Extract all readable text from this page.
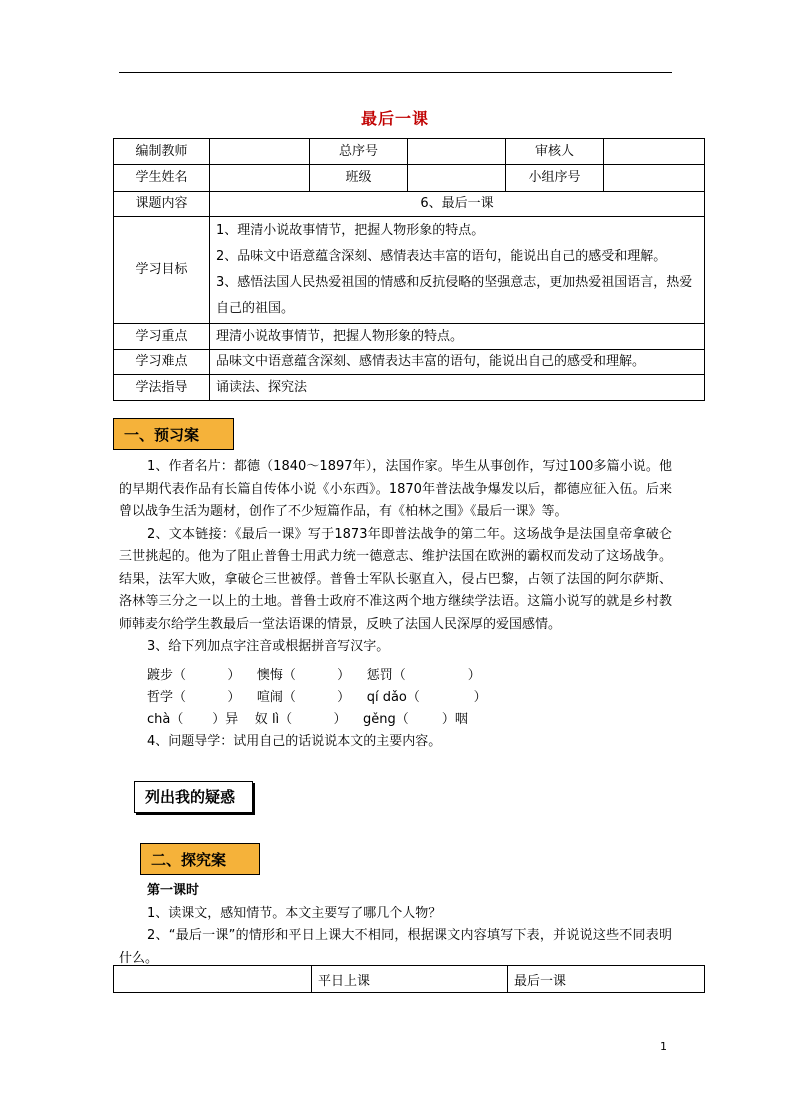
最后一课
编制教师		总序号		审核人	
学生姓名		班级		小组序号	
课题内容	6、最后一课				
学习目标	1、理清小说故事情节，把握人物形象的特点。
2、品味文中语意蕴含深刻、感情表达丰富的语句，能说出自己的感受和理解。
3、感悟法国人民热爱祖国的情感和反抗侵略的坚强意志，更加热爱祖国语言，热爱自己的祖国。				

学习重点	理清小说故事情节，把握人物形象的特点。				
学习难点	品味文中语意蕴含深刻、感情表达丰富的语句，能说出自己的感受和理解。				
学法指导	诵读法、探究法				
一、预习案

1、作者名片：都德（1840～1897年），法国作家。毕生从事创作，写过100多篇小说。他的早期代表作品有长篇自传体小说《小东西》。1870年普法战争爆发以后，都德应征入伍。后来曾以战争生活为题材，创作了不少短篇作品，有《柏林之围》《最后一课》等。

2、文本链接：《最后一课》写于1873年即普法战争的第二年。这场战争是法国皇帝拿破仑三世挑起的。他为了阻止普鲁士用武力统一德意志、维护法国在欧洲的霸权而发动了这场战争。结果，法军大败，拿破仑三世被俘。普鲁士军队长驱直入，侵占巴黎，占领了法国的阿尔萨斯、洛林等三分之一以上的土地。普鲁士政府不准这两个地方继续学法语。这篇小说写的就是乡村教师韩麦尔给学生教最后一堂法语课的情景，反映了法国人民深厚的爱国感情。

3、给下列加点字注音或根据拼音写汉字。

踱步（          ）    懊悔（          ）    惩罚（               ）
哲学（          ）    喧闹（          ）    qí dǎo（             ）
chà（       ）异    奴 lì（          ）    gěng（        ）咽

4、问题导学：试用自己的话说说本文的主要内容。

列出我的疑惑
二、探究案

第一课时

1、读课文，感知情节。本文主要写了哪几个人物？

2、“最后一课”的情形和平日上课大不相同，根据课文内容填写下表，并说说这些不同表明什么。

	平日上课	最后一课
1
